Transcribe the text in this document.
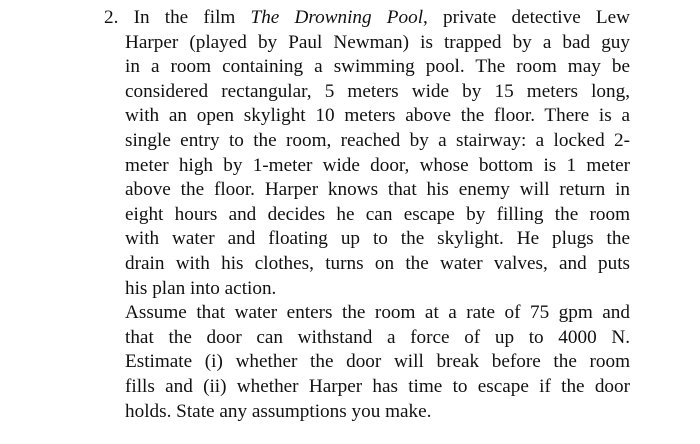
2. In the film The Drowning Pool, private detective Lew
Harper (played by Paul Newman) is trapped by a bad guy
in a room containing a swimming pool. The room may be
considered rectangular, 5 meters wide by 15 meters long,
with an open skylight 10 meters above the floor. There is a
single entry to the room, reached by a stairway: a locked 2-
meter high by 1-meter wide door, whose bottom is 1 meter
above the floor. Harper knows that his enemy will return in
eight hours and decides he can escape by filling the room
with water and floating up to the skylight. He plugs the
drain with his clothes, turns on the water valves, and puts
his plan into action.
Assume that water enters the room at a rate of 75 gpm and
that the door can withstand a force of up to 4000 N.
Estimate (i) whether the door will break before the room
fills and (ii) whether Harper has time to escape if the door
holds. State any assumptions you make.
